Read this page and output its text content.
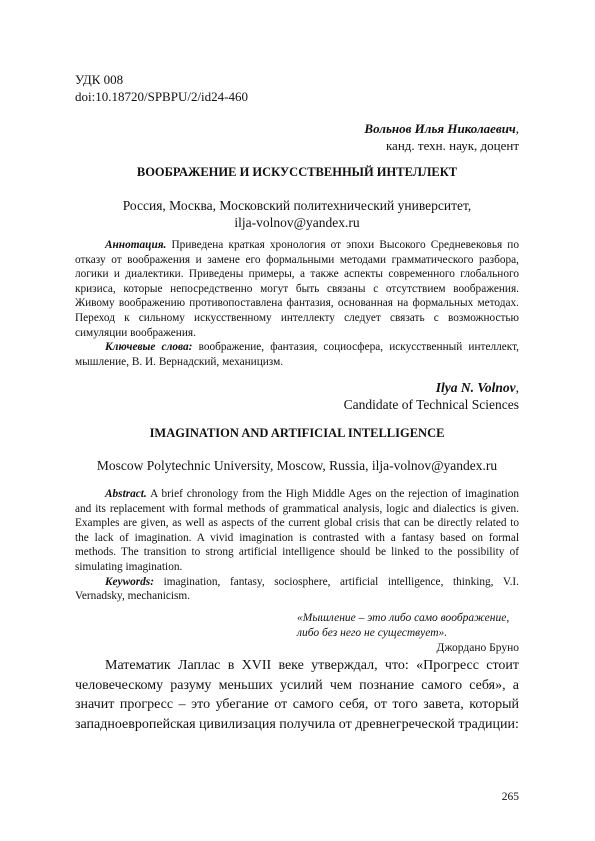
УДК 008
doi:10.18720/SPBPU/2/id24-460
Вольнов Илья Николаевич,
канд. техн. наук, доцент
ВООБРАЖЕНИЕ И ИСКУССТВЕННЫЙ ИНТЕЛЛЕКТ
Россия, Москва, Московский политехнический университет,
ilja-volnov@yandex.ru

Аннотация. Приведена краткая хронология от эпохи Высокого Средневековья по отказу от воображения и замене его формальными методами грамматического разбора, логики и диалектики. Приведены примеры, а также аспекты современного глобального кризиса, которые непосредственно могут быть связаны с отсутствием воображения. Живому воображению противопоставлена фантазия, основанная на формальных методах. Переход к сильному искусственному интеллекту следует связать с возможностью симуляции воображения.

Ключевые слова: воображение, фантазия, социосфера, искусственный интеллект, мышление, В. И. Вернадский, механицизм.

Ilya N. Volnov,
Candidate of Technical Sciences
IMAGINATION AND ARTIFICIAL INTELLIGENCE
Moscow Polytechnic University, Moscow, Russia, ilja-volnov@yandex.ru

Abstract. A brief chronology from the High Middle Ages on the rejection of imagination and its replacement with formal methods of grammatical analysis, logic and dialectics is given. Examples are given, as well as aspects of the current global crisis that can be directly related to the lack of imagination. A vivid imagination is contrasted with a fantasy based on formal methods. The transition to strong artificial intelligence should be linked to the possibility of simulating imagination.

Keywords: imagination, fantasy, sociosphere, artificial intelligence, thinking, V.I. Vernadsky, mechanicism.

«Мышление – это либо само воображение,
либо без него не существует».
Джордано Бруно

Математик Лаплас в XVII веке утверждал, что: «Прогресс стоит человеческому разуму меньших усилий чем познание самого себя», а значит прогресс – это убегание от самого себя, от того завета, который западноевропейская цивилизация получила от древнегреческой традиции:

265
